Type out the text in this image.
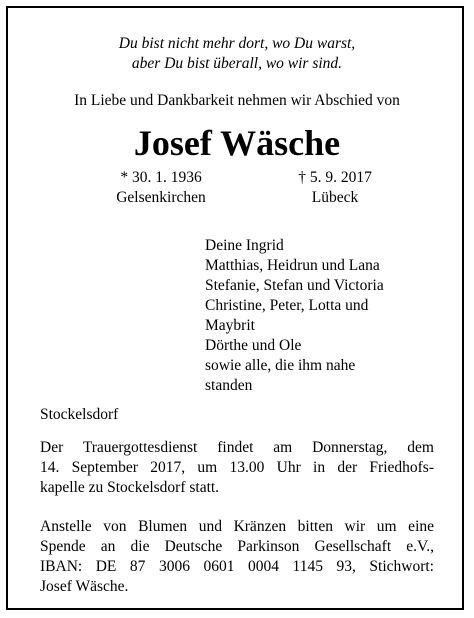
Du bist nicht mehr dort, wo Du warst,
aber Du bist überall, wo wir sind.
In Liebe und Dankbarkeit nehmen wir Abschied von
Josef Wäsche
* 30. 1. 1936
Gelsenkirchen
† 5. 9. 2017
Lübeck
Deine Ingrid
Matthias, Heidrun und Lana
Stefanie, Stefan und Victoria
Christine, Peter, Lotta und
Maybrit
Dörthe und Ole
sowie alle, die ihm nahe
standen
Stockelsdorf
Der Trauergottesdienst findet am Donnerstag, dem
14. September 2017, um 13.00 Uhr in der Friedhofs-
kapelle zu Stockelsdorf statt.
Anstelle von Blumen und Kränzen bitten wir um eine
Spende an die Deutsche Parkinson Gesellschaft e.V.,
IBAN: DE 87 3006 0601 0004 1145 93, Stichwort:
Josef Wäsche.
